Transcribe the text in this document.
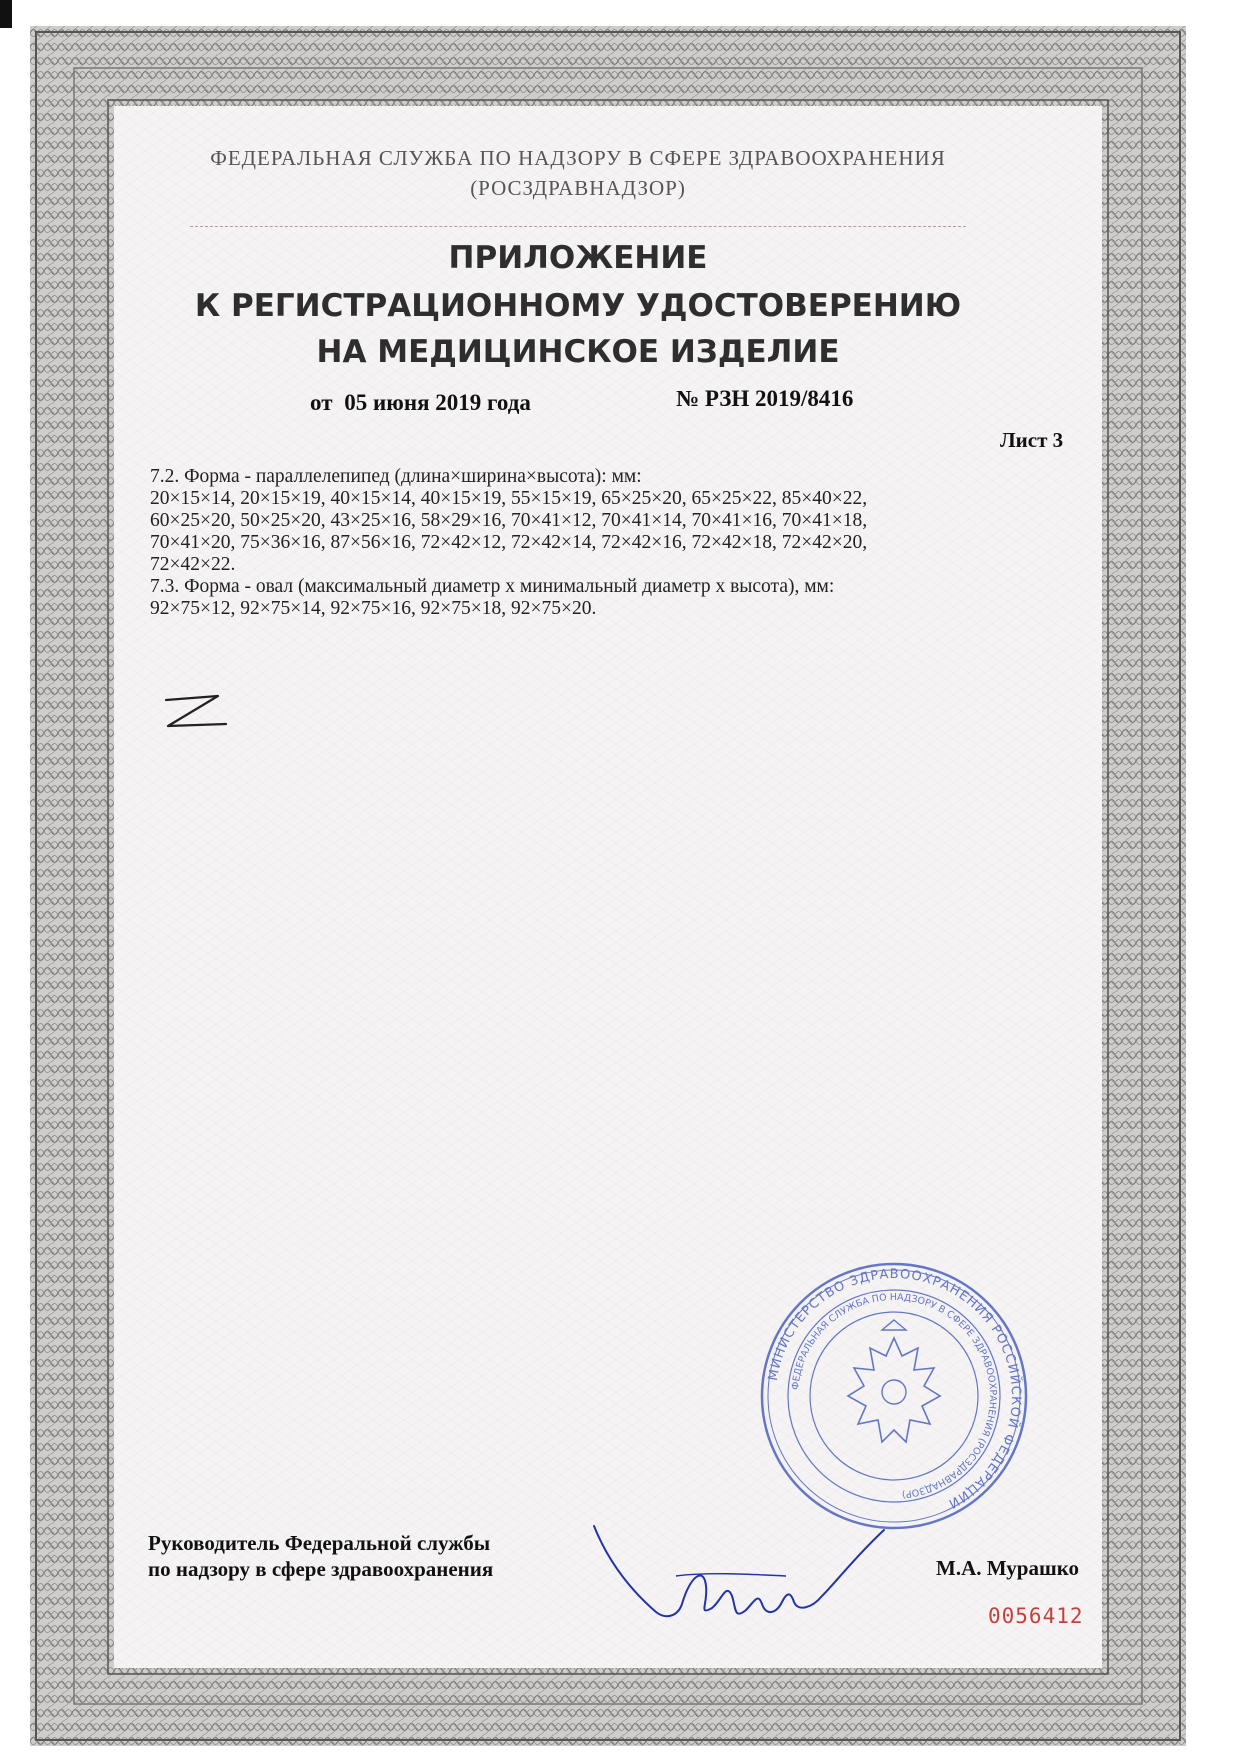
ФЕДЕРАЛЬНАЯ СЛУЖБА ПО НАДЗОРУ В СФЕРЕ ЗДРАВООХРАНЕНИЯ
(РОСЗДРАВНАДЗОР)
ПРИЛОЖЕНИЕ
К РЕГИСТРАЦИОННОМУ УДОСТОВЕРЕНИЮ
НА МЕДИЦИНСКОЕ ИЗДЕЛИЕ
от 05 июня 2019 года	№ РЗН 2019/8416
Лист 3

7.2. Форма - параллелепипед (длина×ширина×высота): мм:

20×15×14, 20×15×19, 40×15×14, 40×15×19, 55×15×19, 65×25×20, 65×25×22, 85×40×22,

60×25×20, 50×25×20, 43×25×16, 58×29×16, 70×41×12, 70×41×14, 70×41×16, 70×41×18,

70×41×20, 75×36×16, 87×56×16, 72×42×12, 72×42×14, 72×42×16, 72×42×18, 72×42×20,

72×42×22.

7.3. Форма - овал (максимальный диаметр х минимальный диаметр х высота), мм:

92×75×12, 92×75×14, 92×75×16, 92×75×18, 92×75×20.

МИНИСТЕРСТВО ЗДРАВООХРАНЕНИЯ РОССИЙСКОЙ ФЕДЕРАЦИИ
ФЕДЕРАЛЬНАЯ СЛУЖБА ПО НАДЗОРУ В СФЕРЕ ЗДРАВООХРАНЕНИЯ (РОСЗДРАВНАДЗОР)
Руководитель Федеральной службы
по надзору в сфере здравоохранения	М.А. Мурашко
0056412
